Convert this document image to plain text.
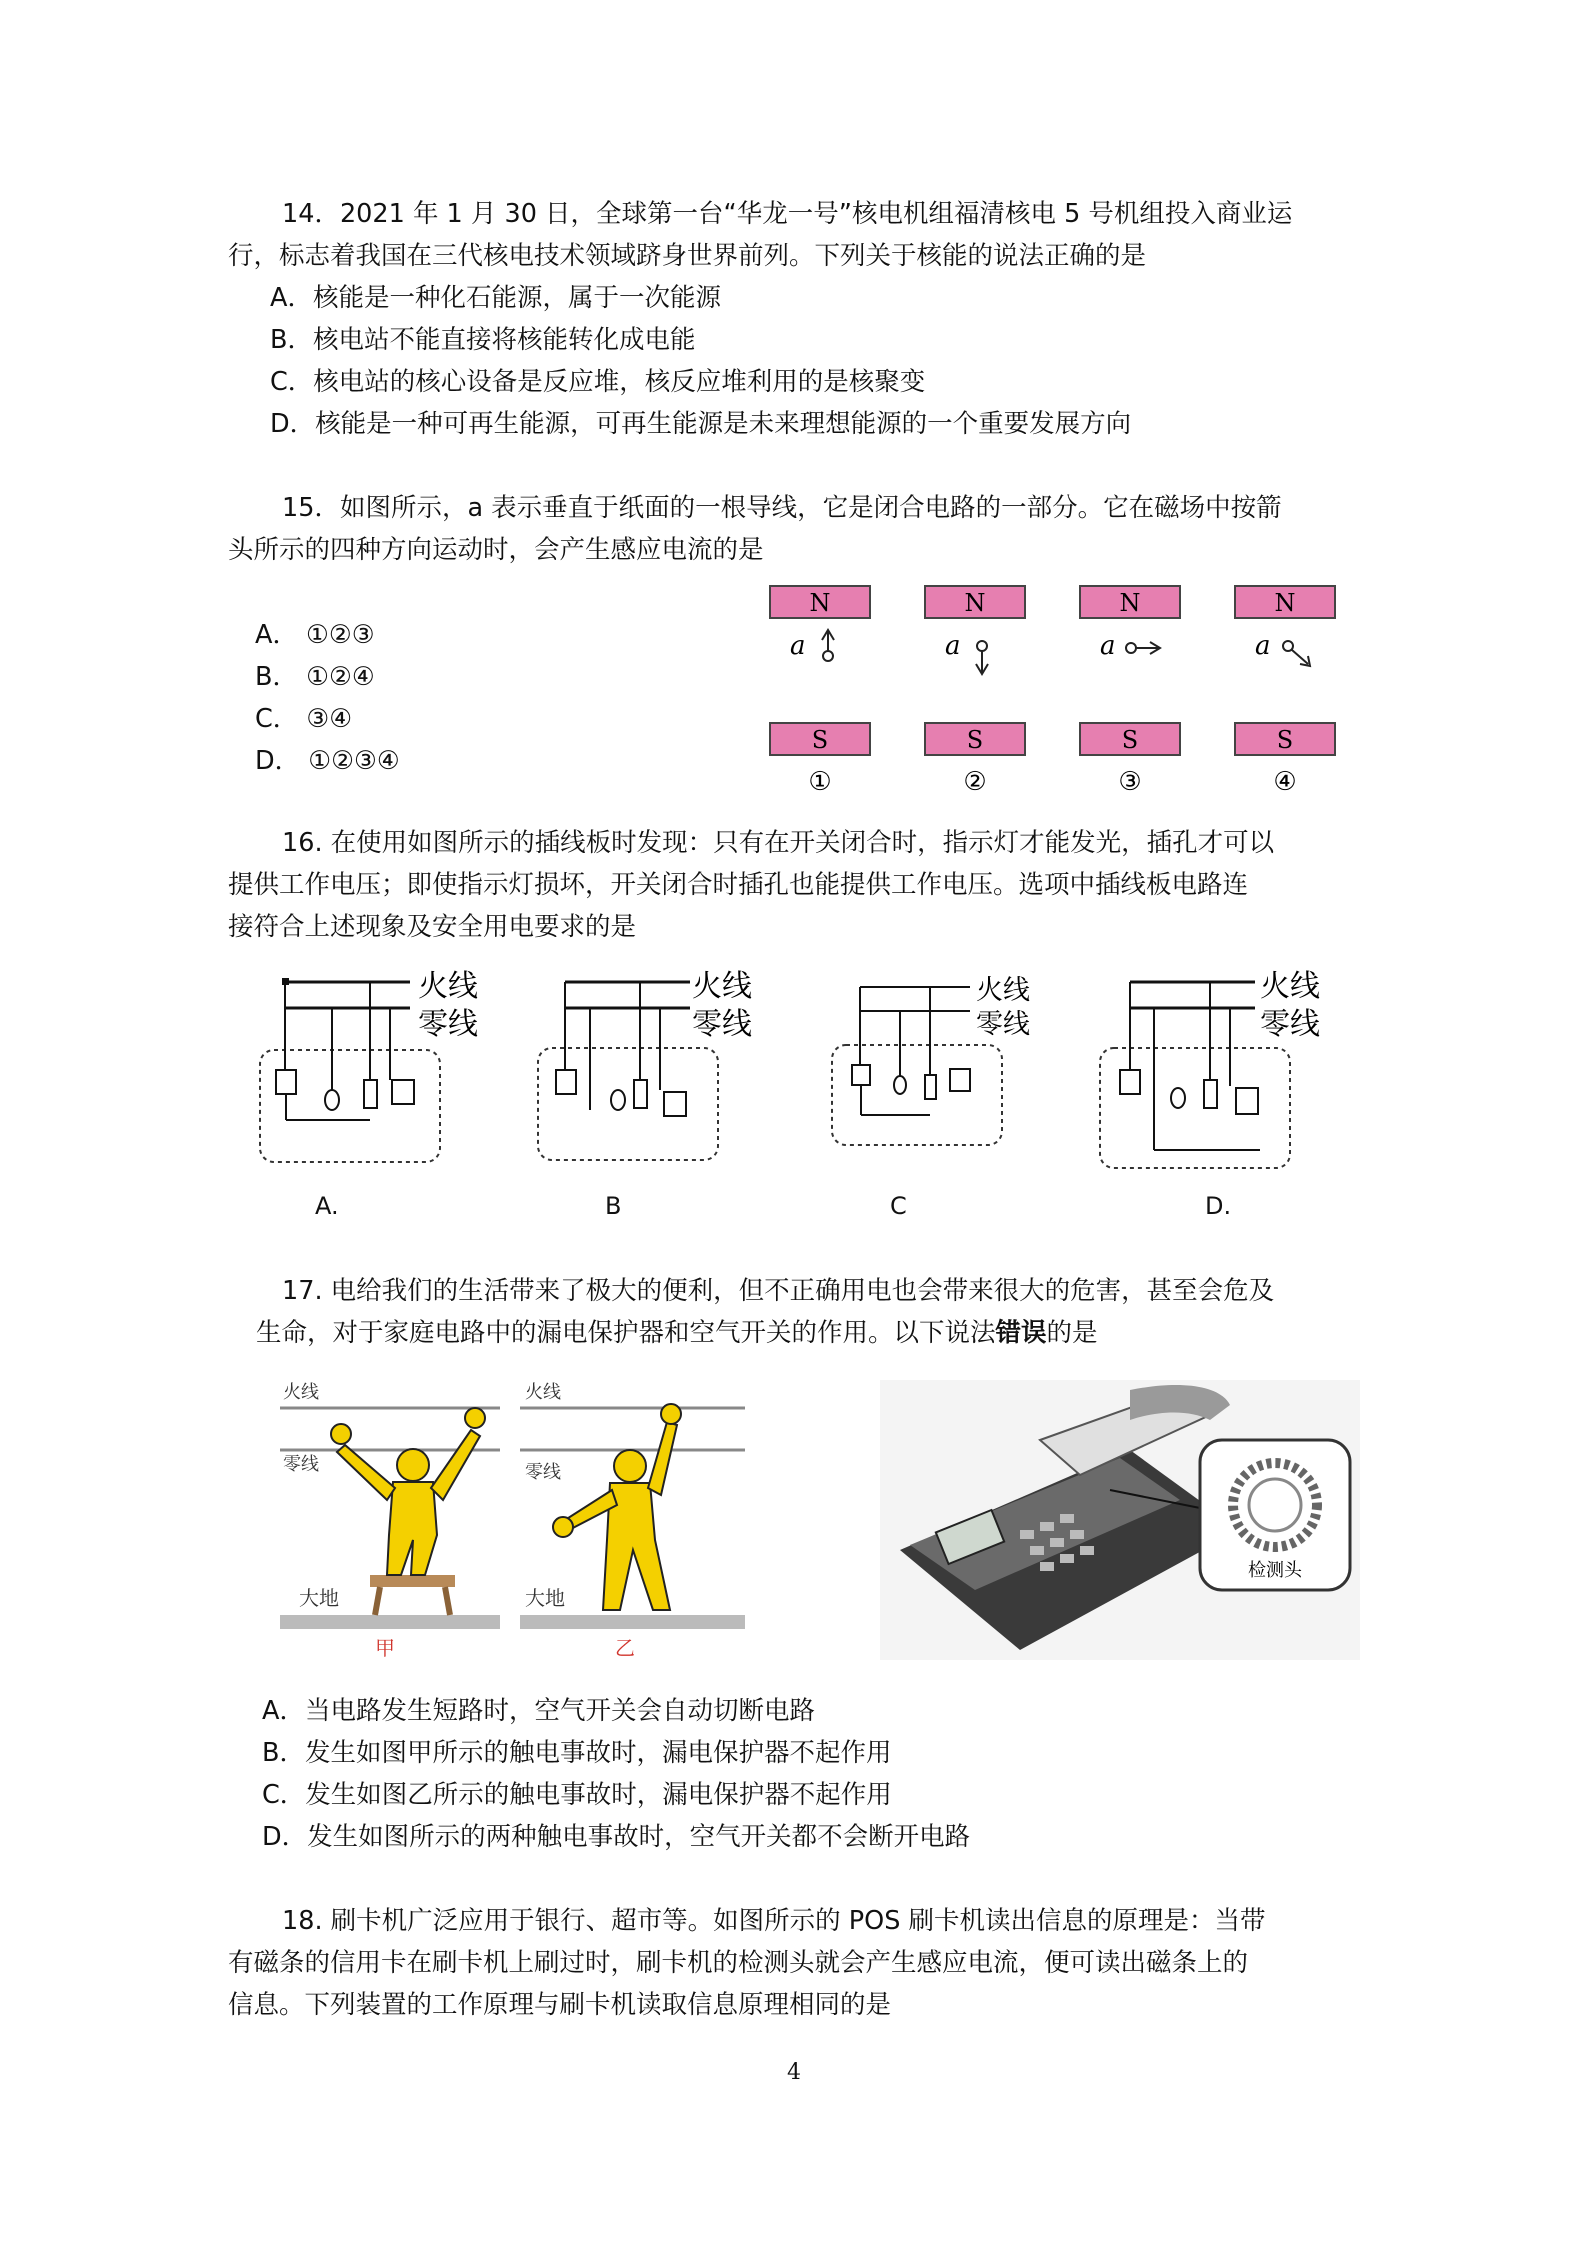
14．2021 年 1 月 30 日，全球第一台“华龙一号”核电机组福清核电 5 号机组投入商业运
行，标志着我国在三代核电技术领域跻身世界前列。下列关于核能的说法正确的是
A．核能是一种化石能源，属于一次能源
B．核电站不能直接将核能转化成电能
C．核电站的核心设备是反应堆，核反应堆利用的是核聚变
D．核能是一种可再生能源，可再生能源是未来理想能源的一个重要发展方向
15．如图所示，a 表示垂直于纸面的一根导线，它是闭合电路的一部分。它在磁场中按箭
头所示的四种方向运动时，会产生感应电流的是
A． ①②③
B． ①②④
C． ③④
D． ①②③④
N
a
S
①
N
a
S
②
N
a
S
③
N
a
S
④
16. 在使用如图所示的插线板时发现：只有在开关闭合时，指示灯才能发光，插孔才可以
提供工作电压；即使指示灯损坏，开关闭合时插孔也能提供工作电压。选项中插线板电路连
接符合上述现象及安全用电要求的是
火线
零线
火线
零线
火线
零线
火线
零线
A.	B	C	D.
17. 电给我们的生活带来了极大的便利，但不正确用电也会带来很大的危害，甚至会危及
生命，对于家庭电路中的漏电保护器和空气开关的作用。以下说法错误的是
火线
零线
大地
甲
火线
零线
大地
乙
检测头
A．当电路发生短路时，空气开关会自动切断电路
B．发生如图甲所示的触电事故时，漏电保护器不起作用
C．发生如图乙所示的触电事故时，漏电保护器不起作用
D．发生如图所示的两种触电事故时，空气开关都不会断开电路
18. 刷卡机广泛应用于银行、超市等。如图所示的 POS 刷卡机读出信息的原理是：当带
有磁条的信用卡在刷卡机上刷过时，刷卡机的检测头就会产生感应电流，便可读出磁条上的
信息。下列装置的工作原理与刷卡机读取信息原理相同的是
4
